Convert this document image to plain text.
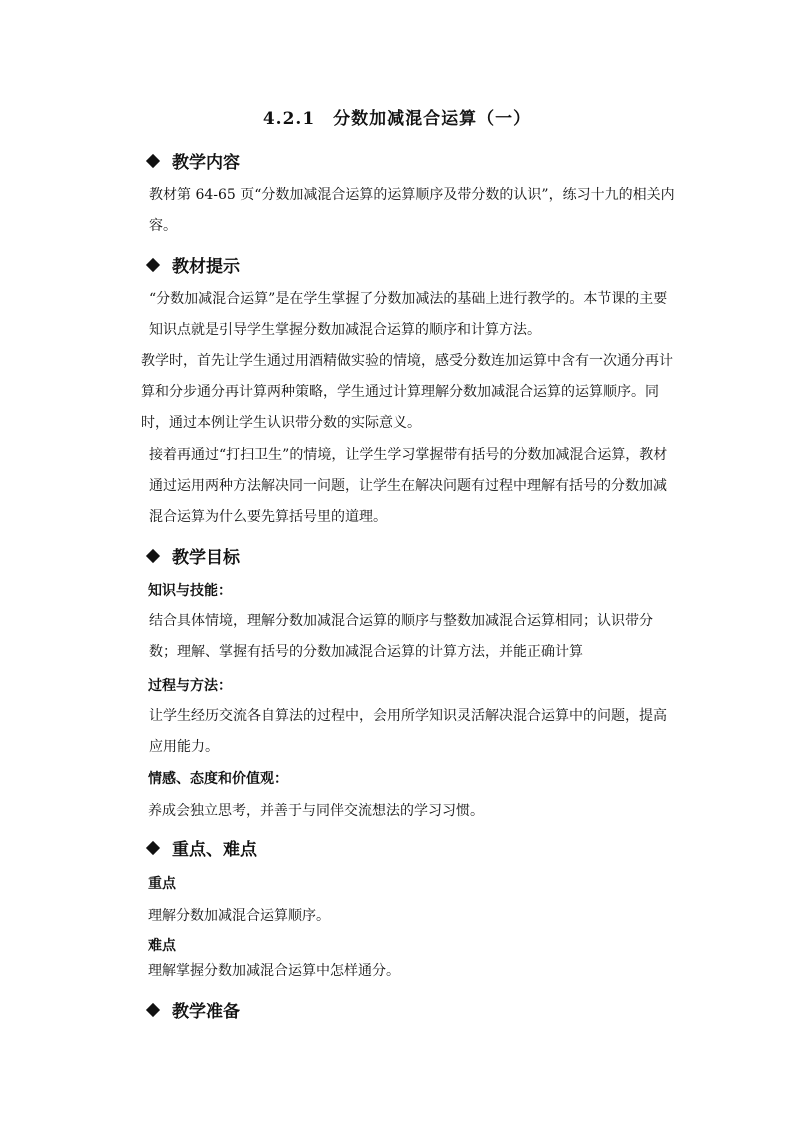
4.2.1　分数加减混合运算（一）
教学内容
教材第 64-65 页“分数加减混合运算的运算顺序及带分数的认识”，练习十九的相关内容。
教材提示
“分数加减混合运算”是在学生掌握了分数加减法的基础上进行教学的。本节课的主要知识点就是引导学生掌握分数加减混合运算的顺序和计算方法。
教学时，首先让学生通过用酒精做实验的情境，感受分数连加运算中含有一次通分再计算和分步通分再计算两种策略，学生通过计算理解分数加减混合运算的运算顺序。同时，通过本例让学生认识带分数的实际意义。
接着再通过“打扫卫生”的情境，让学生学习掌握带有括号的分数加减混合运算，教材通过运用两种方法解决同一问题，让学生在解决问题有过程中理解有括号的分数加减混合运算为什么要先算括号里的道理。
教学目标
知识与技能：
结合具体情境，理解分数加减混合运算的顺序与整数加减混合运算相同；认识带分数；理解、掌握有括号的分数加减混合运算的计算方法，并能正确计算
过程与方法：
让学生经历交流各自算法的过程中，会用所学知识灵活解决混合运算中的问题，提高应用能力。
情感、态度和价值观：
养成会独立思考，并善于与同伴交流想法的学习习惯。
重点、难点
重点
理解分数加减混合运算顺序。
难点
理解掌握分数加减混合运算中怎样通分。
教学准备
